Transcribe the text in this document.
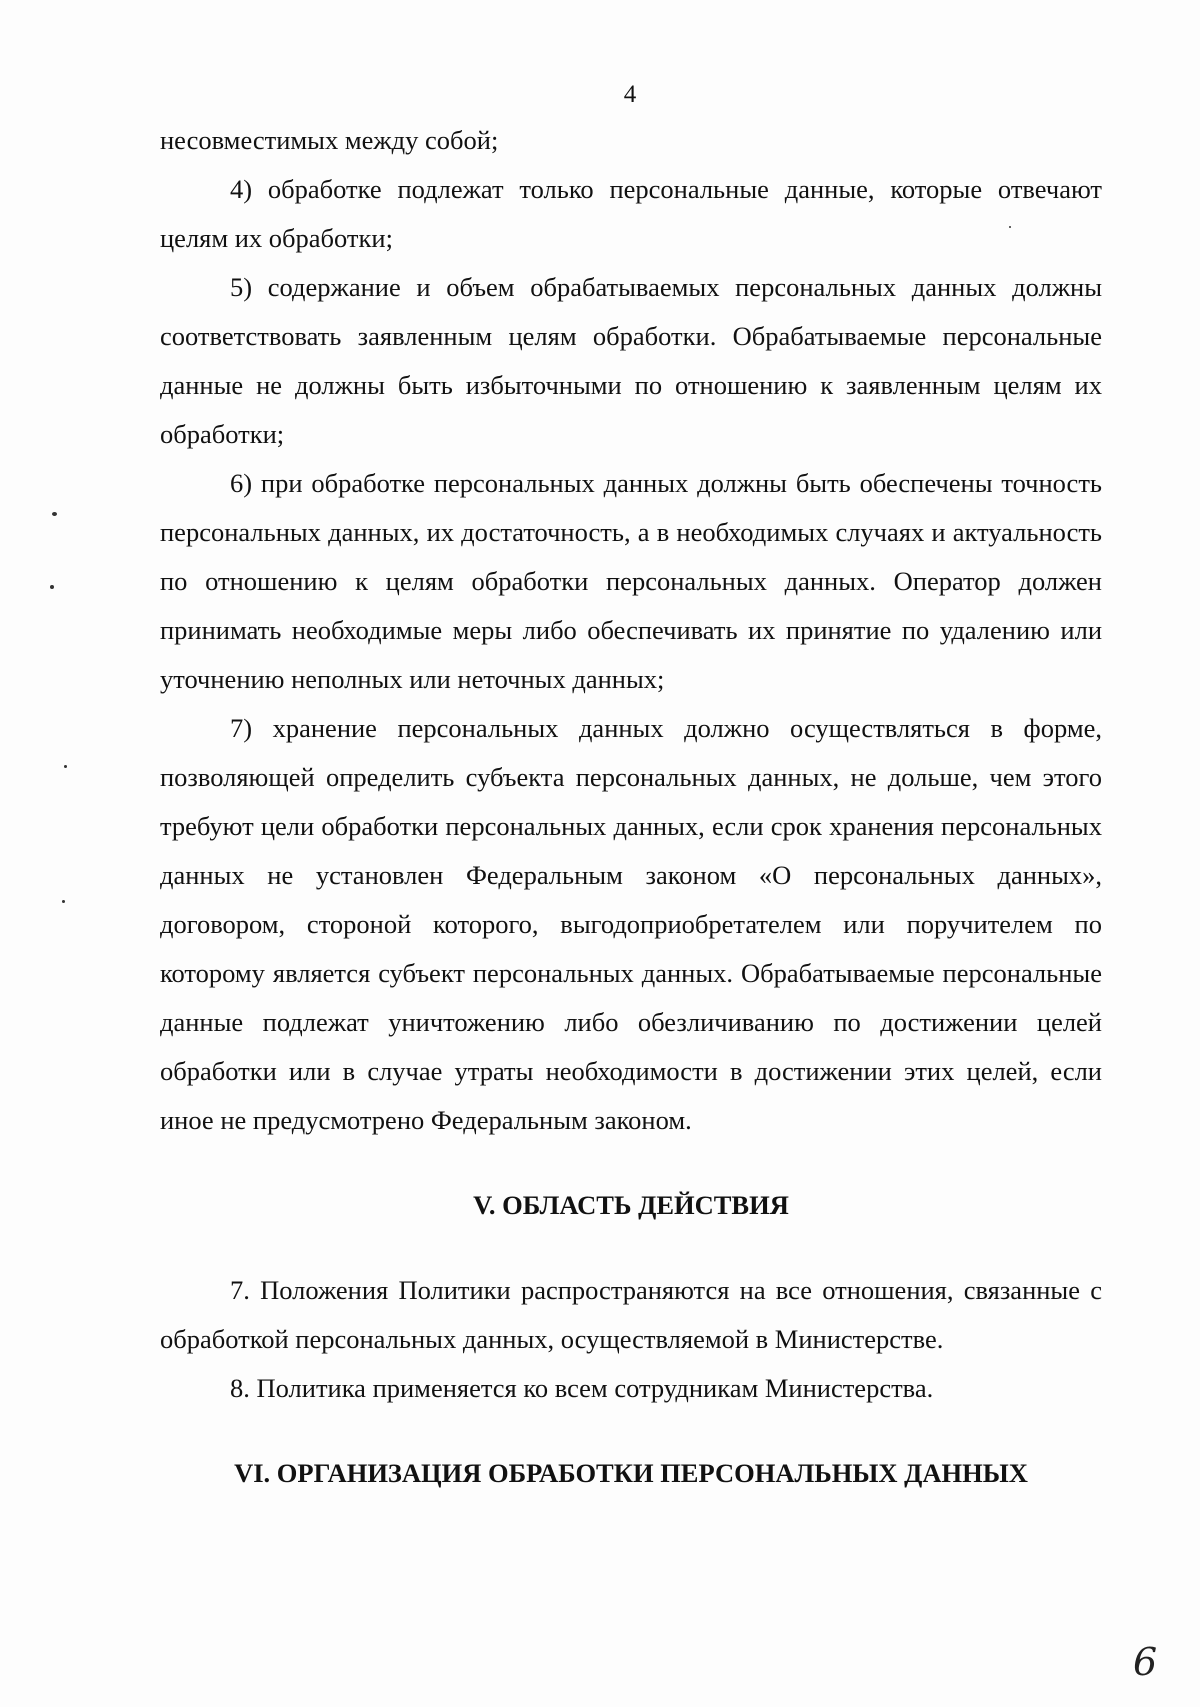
4

несовместимых между собой;

4) обработке подлежат только персональные данные, которые отвечают целям их обработки;

5) содержание и объем обрабатываемых персональных данных должны соответствовать заявленным целям обработки. Обрабатываемые персональные данные не должны быть избыточными по отношению к заявленным целям их обработки;

6) при обработке персональных данных должны быть обеспечены точность персональных данных, их достаточность, а в необходимых случаях и актуальность по отношению к целям обработки персональных данных. Оператор должен принимать необходимые меры либо обеспечивать их принятие по удалению или уточнению неполных или неточных данных;

7) хранение персональных данных должно осуществляться в форме, позволяющей определить субъекта персональных данных, не дольше, чем этого требуют цели обработки персональных данных, если срок хранения персональных данных не установлен Федеральным законом «О персональных данных», договором, стороной которого, выгодоприобретателем или поручителем по которому является субъект персональных данных. Обрабатываемые персональные данные подлежат уничтожению либо обезличиванию по достижении целей обработки или в случае утраты необходимости в достижении этих целей, если иное не предусмотрено Федеральным законом.

V. ОБЛАСТЬ ДЕЙСТВИЯ

7. Положения Политики распространяются на все отношения, связанные с обработкой персональных данных, осуществляемой в Министерстве.

8. Политика применяется ко всем сотрудникам Министерства.

VI. ОРГАНИЗАЦИЯ ОБРАБОТКИ ПЕРСОНАЛЬНЫХ ДАННЫХ
6
